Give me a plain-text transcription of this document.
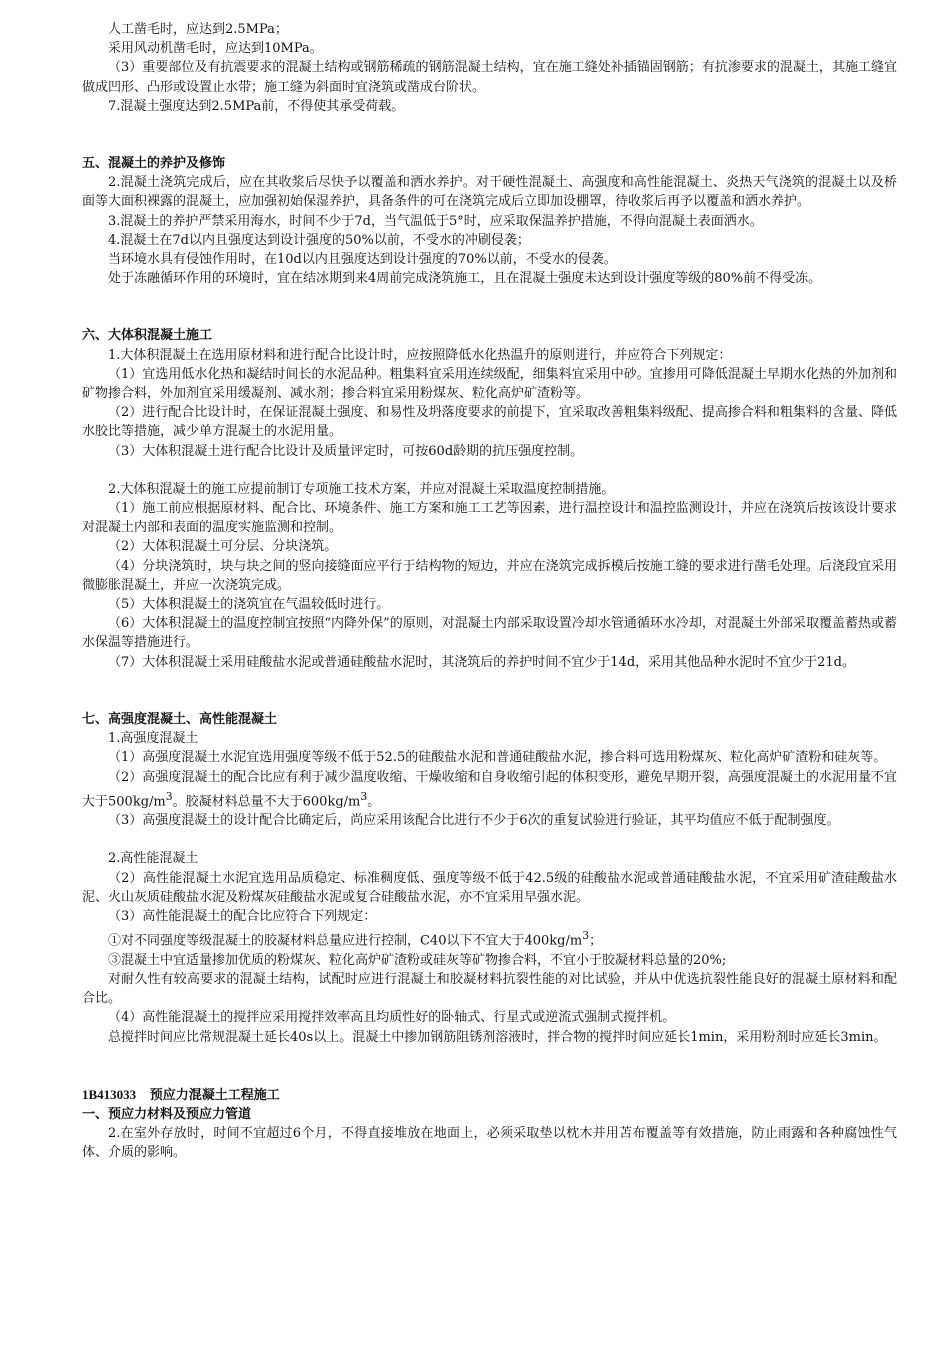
人工凿毛时，应达到2.5MPa；

采用风动机凿毛时，应达到10MPa。

（3）重要部位及有抗震要求的混凝土结构或钢筋稀疏的钢筋混凝土结构，宜在施工缝处补插锚固钢筋；有抗渗要求的混凝土，其施工缝宜做成凹形、凸形或设置止水带；施工缝为斜面时宜浇筑或凿成台阶状。

7.混凝土强度达到2.5MPa前，不得使其承受荷载。

五、混凝土的养护及修饰

2.混凝土浇筑完成后，应在其收浆后尽快予以覆盖和洒水养护。对干硬性混凝土、高强度和高性能混凝土、炎热天气浇筑的混凝土以及桥面等大面积裸露的混凝土，应加强初始保湿养护，具备条件的可在浇筑完成后立即加设棚罩，待收浆后再予以覆盖和洒水养护。

3.混凝土的养护严禁采用海水，时间不少于7d，当气温低于5°时，应采取保温养护措施，不得向混凝土表面洒水。

4.混凝土在7d以内且强度达到设计强度的50%以前，不受水的冲刷侵袭；

当环境水具有侵蚀作用时，在10d以内且强度达到设计强度的70%以前，不受水的侵袭。

处于冻融循环作用的环境时，宜在结冰期到来4周前完成浇筑施工，且在混凝土强度未达到设计强度等级的80%前不得受冻。

六、大体积混凝土施工

1.大体积混凝土在选用原材料和进行配合比设计时，应按照降低水化热温升的原则进行，并应符合下列规定：

（1）宜选用低水化热和凝结时间长的水泥品种。粗集料宜采用连续级配，细集料宜采用中砂。宜掺用可降低混凝土早期水化热的外加剂和矿物掺合料，外加剂宜采用缓凝剂、减水剂；掺合料宜采用粉煤灰、粒化高炉矿渣粉等。

（2）进行配合比设计时，在保证混凝土强度、和易性及坍落度要求的前提下，宜采取改善粗集料级配、提高掺合料和粗集料的含量、降低水胶比等措施，减少单方混凝土的水泥用量。

（3）大体积混凝土进行配合比设计及质量评定时，可按60d龄期的抗压强度控制。

2.大体积混凝土的施工应提前制订专项施工技术方案，并应对混凝土采取温度控制措施。

（1）施工前应根据原材料、配合比、环境条件、施工方案和施工工艺等因素，进行温控设计和温控监测设计，并应在浇筑后按该设计要求对混凝土内部和表面的温度实施监测和控制。

（2）大体积混凝土可分层、分块浇筑。

（4）分块浇筑时，块与块之间的竖向接缝面应平行于结构物的短边，并应在浇筑完成拆模后按施工缝的要求进行凿毛处理。后浇段宜采用微膨胀混凝土，并应一次浇筑完成。

（5）大体积混凝土的浇筑宜在气温较低时进行。

（6）大体积混凝土的温度控制宜按照“内降外保”的原则，对混凝土内部采取设置冷却水管通循环水冷却，对混凝土外部采取覆盖蓄热或蓄水保温等措施进行。

（7）大体积混凝土采用硅酸盐水泥或普通硅酸盐水泥时，其浇筑后的养护时间不宜少于14d，采用其他品种水泥时不宜少于21d。

七、高强度混凝土、高性能混凝土

1.高强度混凝土

（1）高强度混凝土水泥宜选用强度等级不低于52.5的硅酸盐水泥和普通硅酸盐水泥，掺合料可选用粉煤灰、粒化高炉矿渣粉和硅灰等。

（2）高强度混凝土的配合比应有利于减少温度收缩、干燥收缩和自身收缩引起的体积变形，避免早期开裂，高强度混凝土的水泥用量不宜大于$500kg/m^3$。胶凝材料总量不大于$600kg/m^3$。

（3）高强度混凝土的设计配合比确定后，尚应采用该配合比进行不少于6次的重复试验进行验证，其平均值应不低于配制强度。

2.高性能混凝土

（2）高性能混凝土水泥宜选用品质稳定、标准稠度低、强度等级不低于42.5级的硅酸盐水泥或普通硅酸盐水泥，不宜采用矿渣硅酸盐水泥、火山灰质硅酸盐水泥及粉煤灰硅酸盐水泥或复合硅酸盐水泥，亦不宜采用早强水泥。

（3）高性能混凝土的配合比应符合下列规定：

①对不同强度等级混凝土的胶凝材料总量应进行控制，C40以下不宜大于$400kg/m^3$；

③混凝土中宜适量掺加优质的粉煤灰、粒化高炉矿渣粉或硅灰等矿物掺合料，不宜小于胶凝材料总量的20%;

对耐久性有较高要求的混凝土结构，试配时应进行混凝土和胶凝材料抗裂性能的对比试验，并从中优选抗裂性能良好的混凝土原材料和配合比。

（4）高性能混凝土的搅拌应采用搅拌效率高且均质性好的卧轴式、行星式或逆流式强制式搅拌机。

总搅拌时间应比常规混凝土延长40s以上。混凝土中掺加钢筋阻锈剂溶液时，拌合物的搅拌时间应延长1min，采用粉剂时应延长3min。

1B413033 预应力混凝土工程施工

一、预应力材料及预应力管道

2.在室外存放时，时间不宜超过6个月，不得直接堆放在地面上，必须采取垫以枕木并用苫布覆盖等有效措施，防止雨露和各种腐蚀性气体、介质的影响。
